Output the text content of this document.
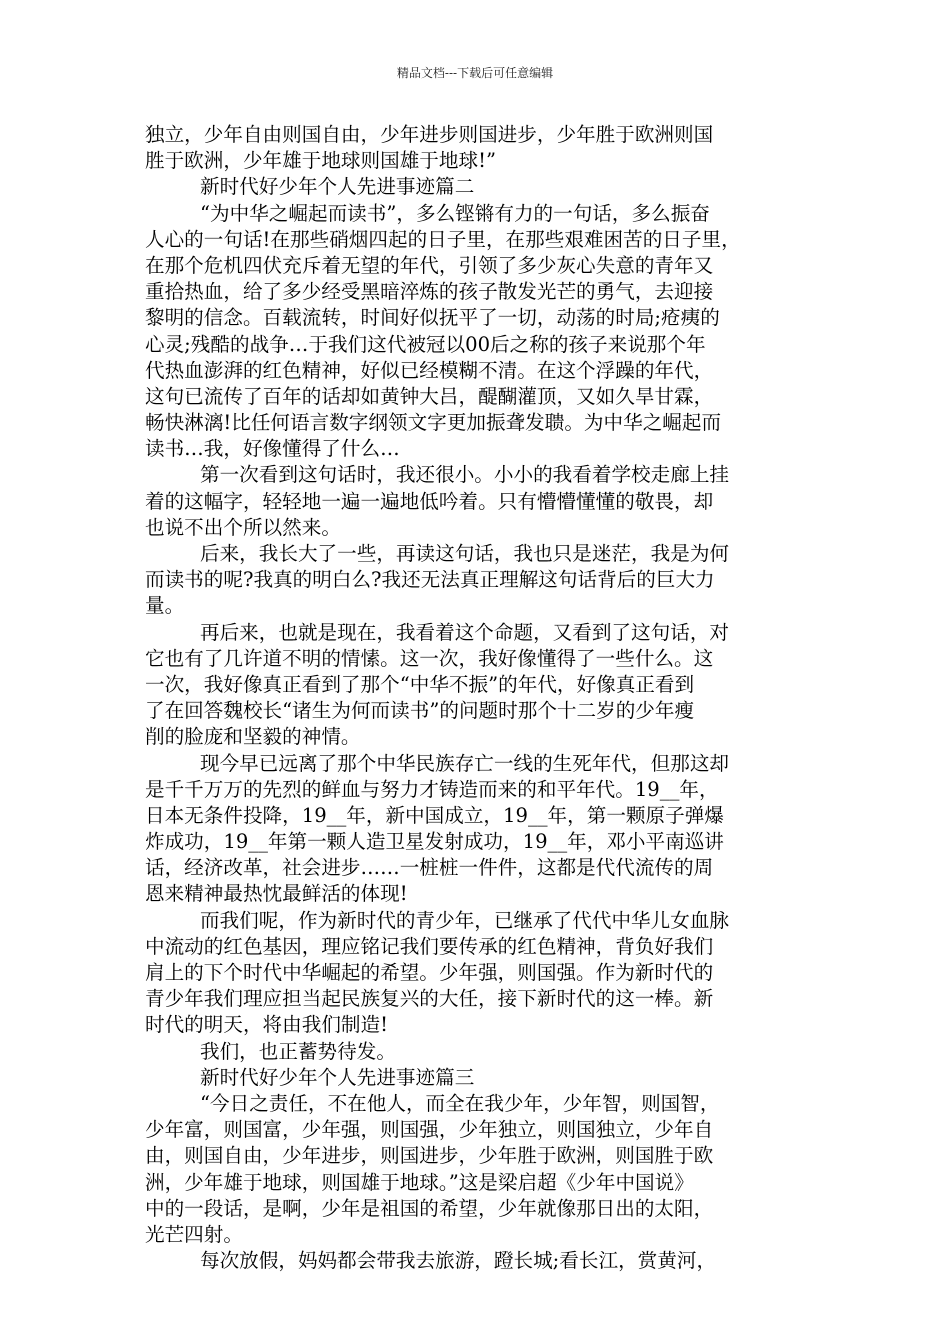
精品文档---下载后可任意编辑
独立，少年自由则国自由，少年进步则国进步，少年胜于欧洲则国
胜于欧洲，少年雄于地球则国雄于地球!”
新时代好少年个人先进事迹篇二
“为中华之崛起而读书”，多么铿锵有力的一句话，多么振奋
人心的一句话!在那些硝烟四起的日子里，在那些艰难困苦的日子里，
在那个危机四伏充斥着无望的年代，引领了多少灰心失意的青年又
重拾热血，给了多少经受黑暗淬炼的孩子散发光芒的勇气，去迎接
黎明的信念。百载流转，时间好似抚平了一切，动荡的时局;疮痍的
心灵;残酷的战争…于我们这代被冠以00后之称的孩子来说那个年
代热血澎湃的红色精神，好似已经模糊不清。在这个浮躁的年代，
这句已流传了百年的话却如黄钟大吕，醍醐灌顶，又如久旱甘霖，
畅快淋漓!比任何语言数字纲领文字更加振聋发聩。为中华之崛起而
读书…我，好像懂得了什么…
第一次看到这句话时，我还很小。小小的我看着学校走廊上挂
着的这幅字，轻轻地一遍一遍地低吟着。只有懵懵懂懂的敬畏，却
也说不出个所以然来。
后来，我长大了一些，再读这句话，我也只是迷茫，我是为何
而读书的呢?我真的明白么?我还无法真正理解这句话背后的巨大力
量。
再后来，也就是现在，我看着这个命题，又看到了这句话，对
它也有了几许道不明的情愫。这一次，我好像懂得了一些什么。这
一次，我好像真正看到了那个“中华不振”的年代，好像真正看到
了在回答魏校长“诸生为何而读书”的问题时那个十二岁的少年瘦
削的脸庞和坚毅的神情。
现今早已远离了那个中华民族存亡一线的生死年代，但那这却
是千千万万的先烈的鲜血与努力才铸造而来的和平年代。19__年，
日本无条件投降，19__年，新中国成立，19__年，第一颗原子弹爆
炸成功，19__年第一颗人造卫星发射成功，19__年，邓小平南巡讲
话，经济改革，社会进步……一桩桩一件件，这都是代代流传的周
恩来精神最热忱最鲜活的体现!
而我们呢，作为新时代的青少年，已继承了代代中华儿女血脉
中流动的红色基因，理应铭记我们要传承的红色精神，背负好我们
肩上的下个时代中华崛起的希望。少年强，则国强。作为新时代的
青少年我们理应担当起民族复兴的大任，接下新时代的这一棒。新
时代的明天，将由我们制造!
我们，也正蓄势待发。
新时代好少年个人先进事迹篇三
“今日之责任，不在他人，而全在我少年，少年智，则国智，
少年富，则国富，少年强，则国强，少年独立，则国独立，少年自
由，则国自由，少年进步，则国进步，少年胜于欧洲，则国胜于欧
洲，少年雄于地球，则国雄于地球。”这是梁启超《少年中国说》
中的一段话，是啊，少年是祖国的希望，少年就像那日出的太阳，
光芒四射。
每次放假，妈妈都会带我去旅游，蹬长城;看长江，赏黄河，
